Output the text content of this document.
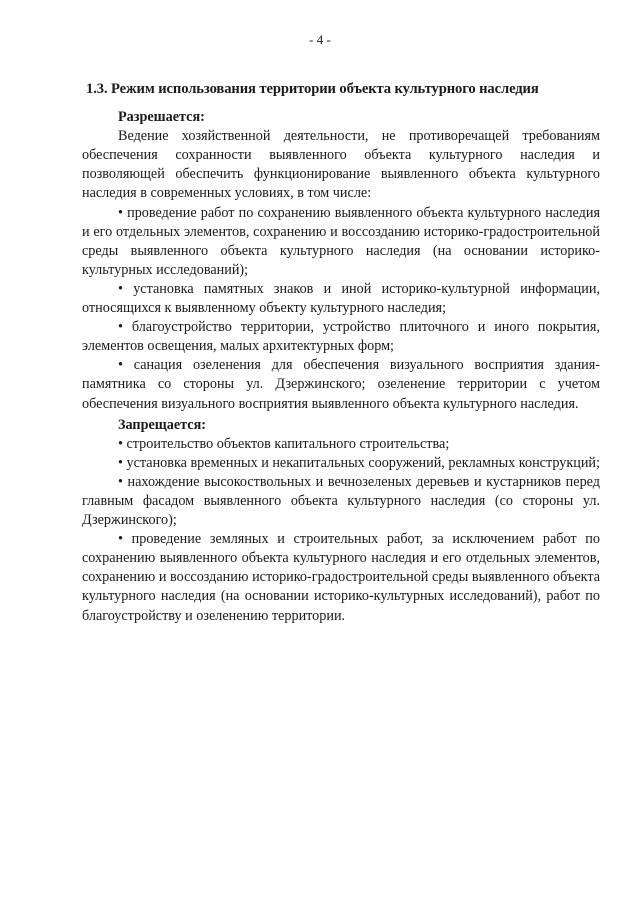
- 4 -
1.3. Режим использования территории объекта культурного наследия
Разрешается:

Ведение хозяйственной деятельности, не противоречащей требованиям обеспечения сохранности выявленного объекта культурного наследия и позволяющей обеспечить функционирование выявленного объекта культурного наследия в современных условиях, в том числе:

• проведение работ по сохранению выявленного объекта культурного наследия и его отдельных элементов, сохранению и воссозданию историко-градостроительной среды выявленного объекта культурного наследия (на основании историко-культурных исследований);
• установка памятных знаков и иной историко-культурной информации, относящихся к выявленному объекту культурного наследия;
• благоустройство территории, устройство плиточного и иного покрытия, элементов освещения, малых архитектурных форм;
• санация озеленения для обеспечения визуального восприятия здания-памятника со стороны ул. Дзержинского; озеленение территории с учетом обеспечения визуального восприятия выявленного объекта культурного наследия.
Запрещается:
• строительство объектов капитального строительства;
• установка временных и некапитальных сооружений, рекламных конструкций;
• нахождение высокоствольных и вечнозеленых деревьев и кустарников перед главным фасадом выявленного объекта культурного наследия (со стороны ул. Дзержинского);
• проведение земляных и строительных работ, за исключением работ по сохранению выявленного объекта культурного наследия и его отдельных элементов, сохранению и воссозданию историко-градостроительной среды выявленного объекта культурного наследия (на основании историко-культурных исследований), работ по благоустройству и озеленению территории.
